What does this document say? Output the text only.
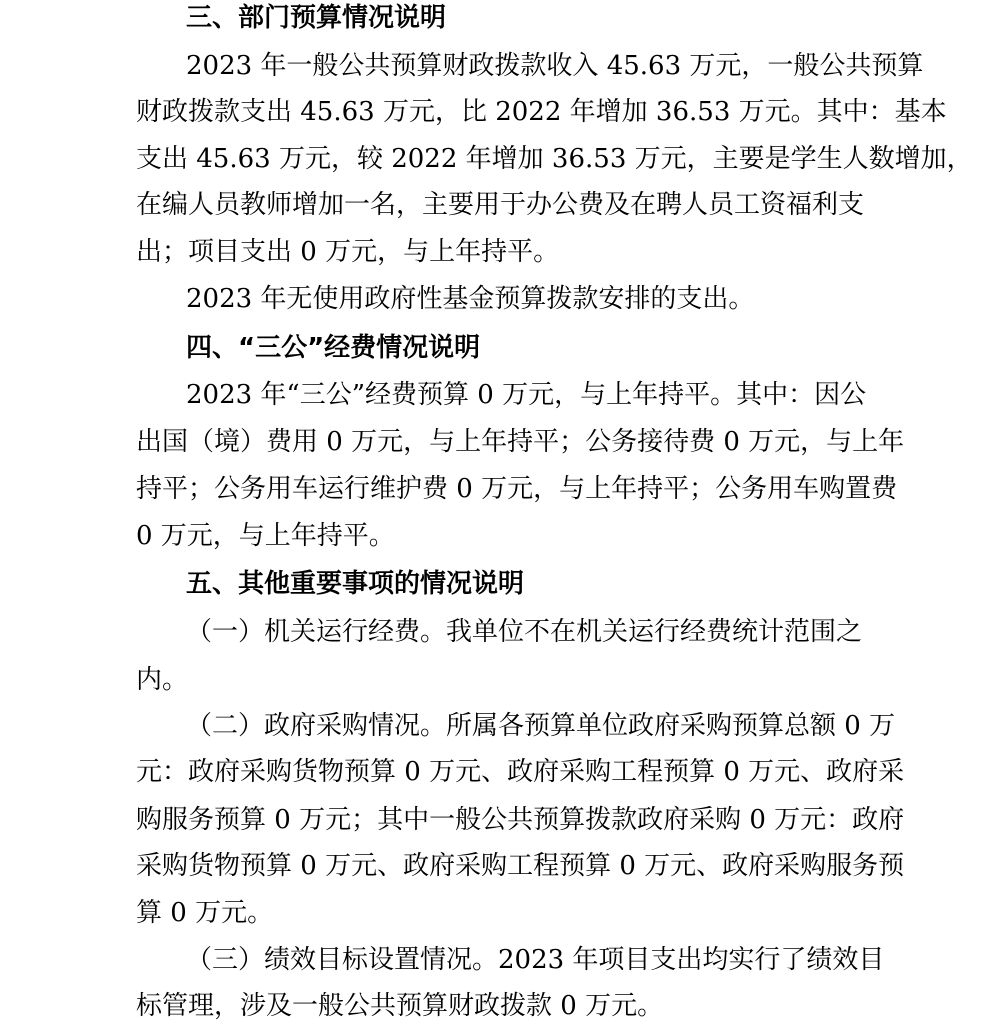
三、部门预算情况说明
2023 年一般公共预算财政拨款收入 45.63 万元，一般公共预算
财政拨款支出 45.63 万元，比 2022 年增加 36.53 万元。其中：基本
支出 45.63 万元，较 2022 年增加 36.53 万元，主要是学生人数增加，
在编人员教师增加一名，主要用于办公费及在聘人员工资福利支
出；项目支出 0 万元，与上年持平。
2023 年无使用政府性基金预算拨款安排的支出。
四、“三公”经费情况说明
2023 年“三公”经费预算 0 万元，与上年持平。其中：因公
出国（境）费用 0 万元，与上年持平；公务接待费 0 万元，与上年
持平；公务用车运行维护费 0 万元，与上年持平；公务用车购置费
0 万元，与上年持平。
五、其他重要事项的情况说明
（一）机关运行经费。我单位不在机关运行经费统计范围之
内。
（二）政府采购情况。所属各预算单位政府采购预算总额 0 万
元：政府采购货物预算 0 万元、政府采购工程预算 0 万元、政府采
购服务预算 0 万元；其中一般公共预算拨款政府采购 0 万元：政府
采购货物预算 0 万元、政府采购工程预算 0 万元、政府采购服务预
算 0 万元。
（三）绩效目标设置情况。2023 年项目支出均实行了绩效目
标管理，涉及一般公共预算财政拨款 0 万元。
